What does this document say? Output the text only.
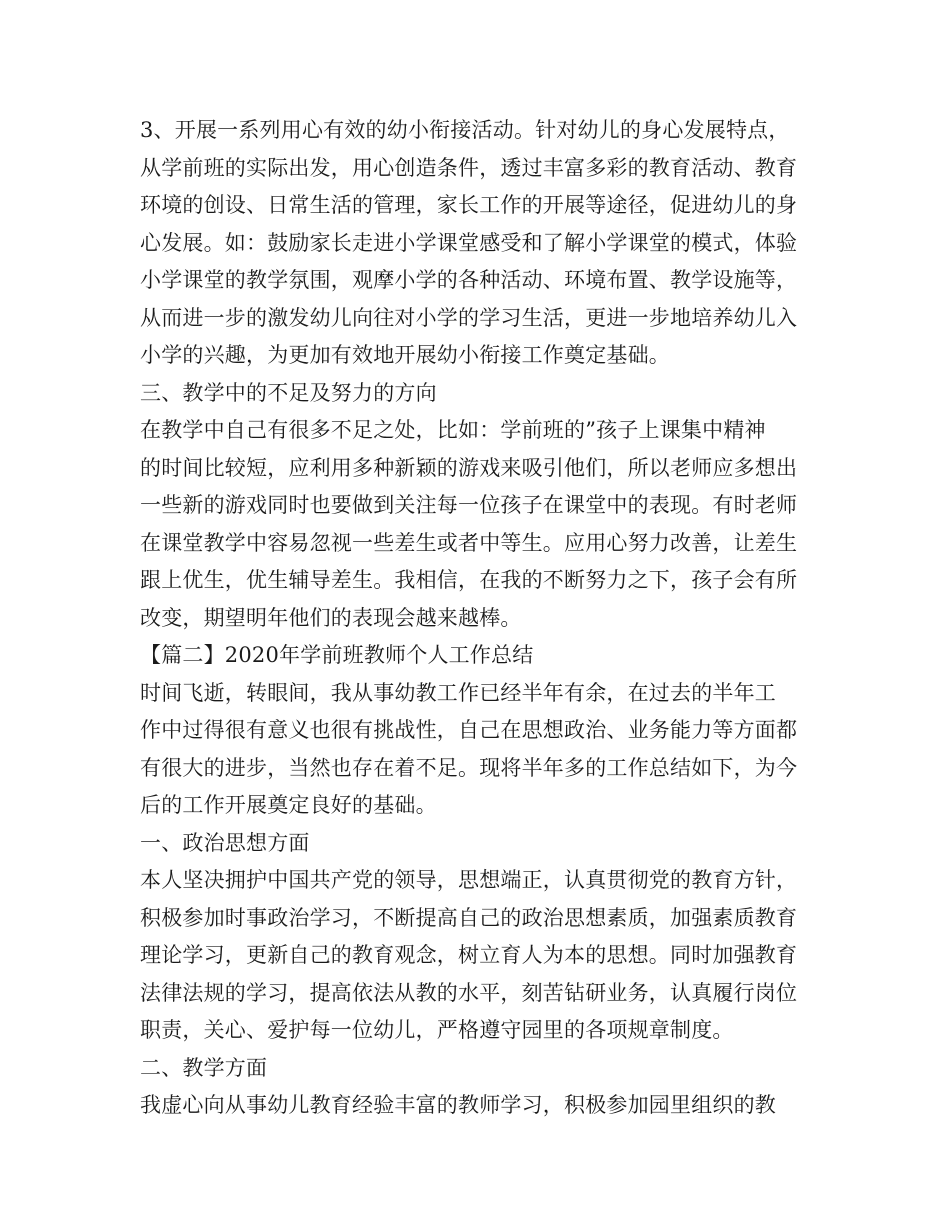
3、开展一系列用心有效的幼小衔接活动。针对幼儿的身心发展特点，
从学前班的实际出发，用心创造条件，透过丰富多彩的教育活动、教育
环境的创设、日常生活的管理，家长工作的开展等途径，促进幼儿的身
心发展。如：鼓励家长走进小学课堂感受和了解小学课堂的模式，体验
小学课堂的教学氛围，观摩小学的各种活动、环境布置、教学设施等，
从而进一步的激发幼儿向往对小学的学习生活，更进一步地培养幼儿入
小学的兴趣，为更加有效地开展幼小衔接工作奠定基础。
三、教学中的不足及努力的方向
在教学中自己有很多不足之处，比如：学前班的”孩子上课集中精神
的时间比较短，应利用多种新颖的游戏来吸引他们，所以老师应多想出
一些新的游戏同时也要做到关注每一位孩子在课堂中的表现。有时老师
在课堂教学中容易忽视一些差生或者中等生。应用心努力改善，让差生
跟上优生，优生辅导差生。我相信，在我的不断努力之下，孩子会有所
改变，期望明年他们的表现会越来越棒。
【篇二】2020年学前班教师个人工作总结
时间飞逝，转眼间，我从事幼教工作已经半年有余，在过去的半年工
作中过得很有意义也很有挑战性，自己在思想政治、业务能力等方面都
有很大的进步，当然也存在着不足。现将半年多的工作总结如下，为今
后的工作开展奠定良好的基础。
一、政治思想方面
本人坚决拥护中国共产党的领导，思想端正，认真贯彻党的教育方针，
积极参加时事政治学习，不断提高自己的政治思想素质，加强素质教育
理论学习，更新自己的教育观念，树立育人为本的思想。同时加强教育
法律法规的学习，提高依法从教的水平，刻苦钻研业务，认真履行岗位
职责，关心、爱护每一位幼儿，严格遵守园里的各项规章制度。
二、教学方面
我虚心向从事幼儿教育经验丰富的教师学习，积极参加园里组织的教
